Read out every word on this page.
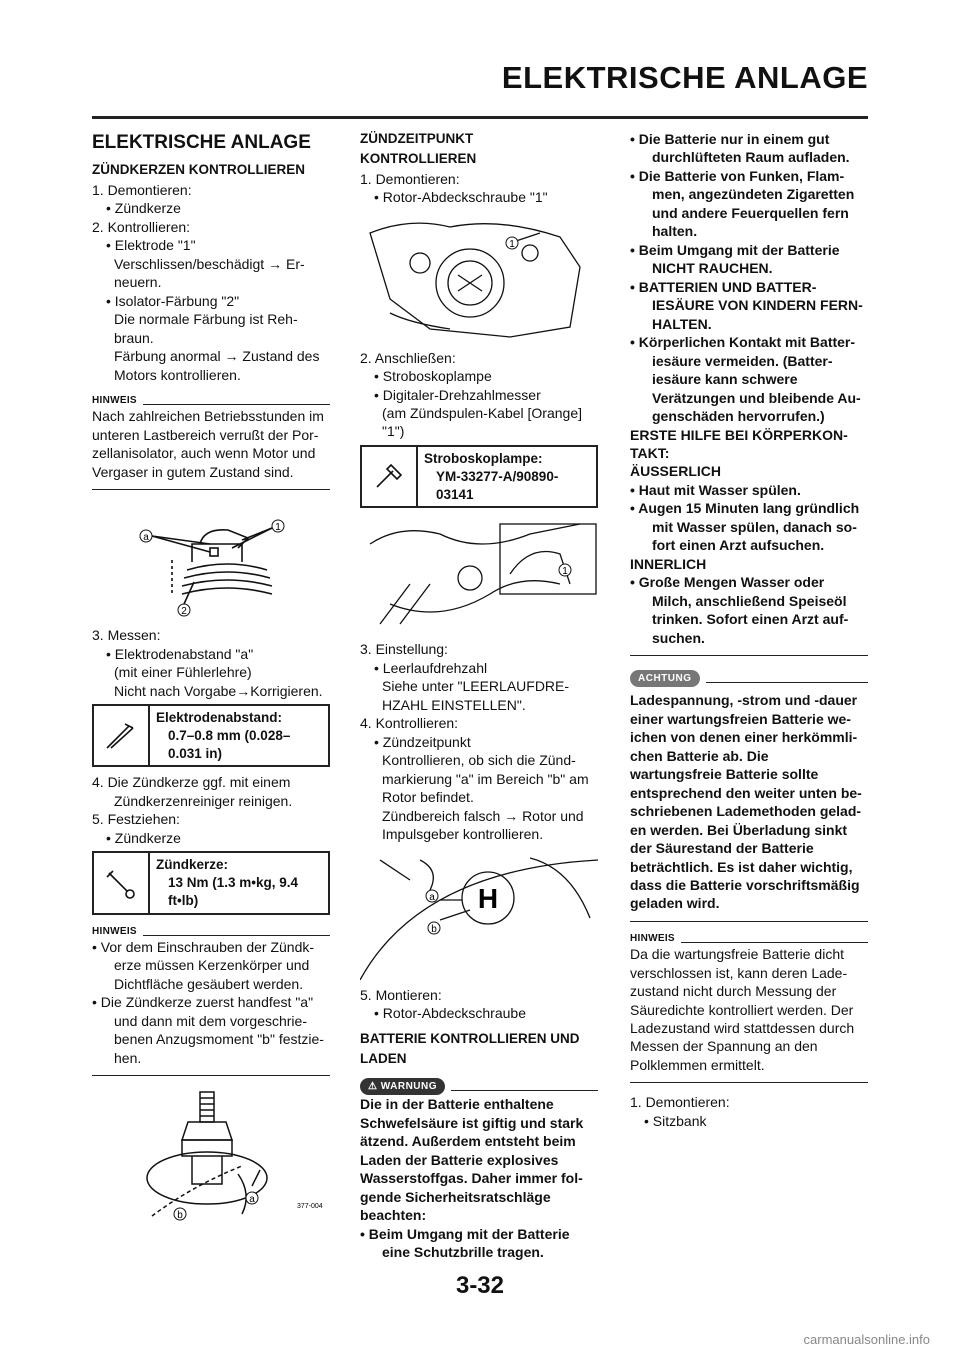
ELEKTRISCHE ANLAGE
ELEKTRISCHE ANLAGE
ZÜNDKERZEN KONTROLLIEREN

1. Demontieren:

• Zündkerze

2. Kontrollieren:

• Elektrode "1"

Verschlissen/beschädigt → Er-

neuern.

• Isolator-Färbung "2"

Die normale Färbung ist Reh-

braun.

Färbung anormal → Zustand des

Motors kontrollieren.

HINWEIS

Nach zahlreichen Betriebsstunden im

unteren Lastbereich verrußt der Por-

zellanisolator, auch wenn Motor und

Vergaser in gutem Zustand sind.

a
1
2

3. Messen:

• Elektrodenabstand "a"

(mit einer Fühlerlehre)

Nicht nach Vorgabe→Korrigieren.

Elektrodenabstand:
0.7–0.8 mm (0.028–
0.031 in)

4. Die Zündkerze ggf. mit einem

Zündkerzenreiniger reinigen.

5. Festziehen:

• Zündkerze

Zündkerze:
13 Nm (1.3 m•kg, 9.4
ft•lb)
HINWEIS

• Vor dem Einschrauben der Zündk-

erze müssen Kerzenkörper und

Dichtfläche gesäubert werden.

• Die Zündkerze zuerst handfest "a"

und dann mit dem vorgeschrie-

benen Anzugsmoment "b" festzie-

hen.

a
b
377-004
ZÜNDZEITPUNKT
KONTROLLIEREN

1. Demontieren:

• Rotor-Abdeckschraube "1"

1

2. Anschließen:

• Stroboskoplampe

• Digitaler-Drehzahlmesser

(am Zündspulen-Kabel [Orange]

"1")

Stroboskoplampe:
YM-33277-A/90890-
03141
1

3. Einstellung:

• Leerlaufdrehzahl

Siehe unter "LEERLAUFDRE-

HZAHL EINSTELLEN".

4. Kontrollieren:

• Zündzeitpunkt

Kontrollieren, ob sich die Zünd-

markierung "a" im Bereich "b" am

Rotor befindet.

Zündbereich falsch → Rotor und

Impulsgeber kontrollieren.

H
a
b

5. Montieren:

• Rotor-Abdeckschraube

BATTERIE KONTROLLIEREN UND
LADEN
⚠ WARNUNG

Die in der Batterie enthaltene

Schwefelsäure ist giftig und stark

ätzend. Außerdem entsteht beim

Laden der Batterie explosives

Wasserstoffgas. Daher immer fol-

gende Sicherheitsratschläge

beachten:

• Beim Umgang mit der Batterie

eine Schutzbrille tragen.

• Die Batterie nur in einem gut

durchlüfteten Raum aufladen.

• Die Batterie von Funken, Flam-

men, angezündeten Zigaretten

und andere Feuerquellen fern

halten.

• Beim Umgang mit der Batterie

NICHT RAUCHEN.

• BATTERIEN UND BATTER-

IESÄURE VON KINDERN FERN-

HALTEN.

• Körperlichen Kontakt mit Batter-

iesäure vermeiden. (Batter-

iesäure kann schwere

Verätzungen und bleibende Au-

genschäden hervorrufen.)

ERSTE HILFE BEI KÖRPERKON-

TAKT:

ÄUSSERLICH

• Haut mit Wasser spülen.

• Augen 15 Minuten lang gründlich

mit Wasser spülen, danach so-

fort einen Arzt aufsuchen.

INNERLICH

• Große Mengen Wasser oder

Milch, anschließend Speiseöl

trinken. Sofort einen Arzt auf-

suchen.

ACHTUNG

Ladespannung, -strom und -dauer

einer wartungsfreien Batterie we-

ichen von denen einer herkömmli-

chen Batterie ab. Die

wartungsfreie Batterie sollte

entsprechend den weiter unten be-

schriebenen Lademethoden gelad-

en werden. Bei Überladung sinkt

der Säurestand der Batterie

beträchtlich. Es ist daher wichtig,

dass die Batterie vorschriftsmäßig

geladen wird.

HINWEIS

Da die wartungsfreie Batterie dicht

verschlossen ist, kann deren Lade-

zustand nicht durch Messung der

Säuredichte kontrolliert werden. Der

Ladezustand wird stattdessen durch

Messen der Spannung an den

Polklemmen ermittelt.

1. Demontieren:

• Sitzbank

3-32
carmanualsonline.info
